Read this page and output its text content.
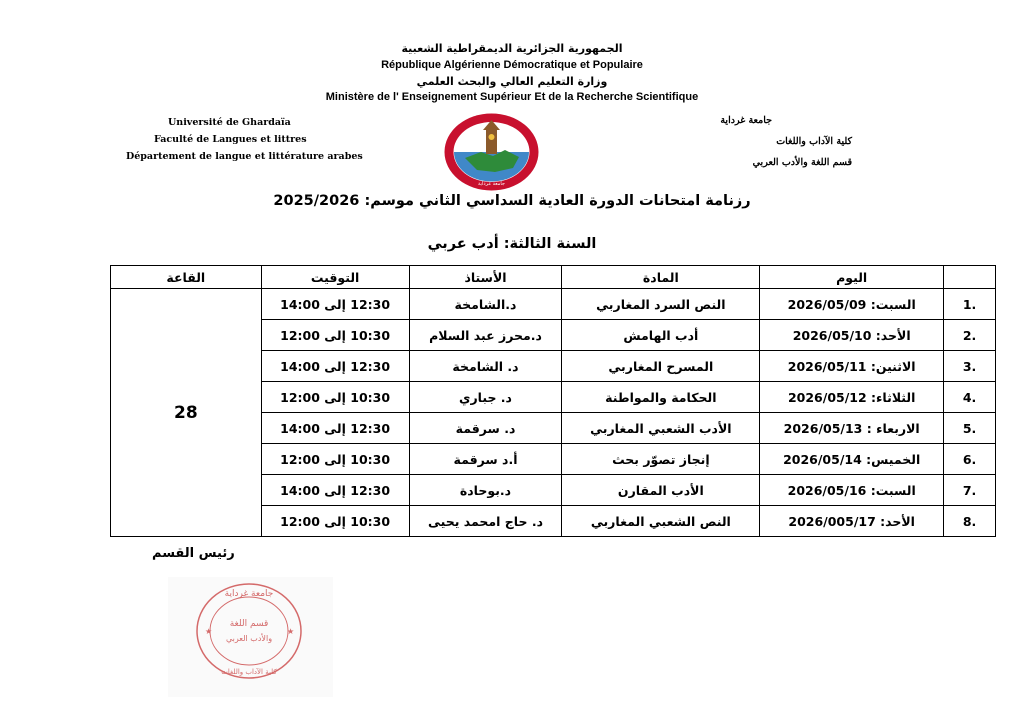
الجمهورية الجزائرية الديمقراطية الشعبية
République Algérienne Démocratique et Populaire
وزارة التعليم العالي والبحث العلمي
Ministère de l' Enseignement Supérieur Et de la Recherche Scientifique
Université de Ghardaïa
Faculté de Langues et littres
Département de langue et littérature arabes
جامعة غرداية
كلية الآداب واللغات
قسم اللغة والأدب العربي
جامعة غرداية
رزنامة امتحانات الدورة العادية السداسي الثاني موسم: 2025/2026
السنة الثالثة: أدب عربي
	اليوم	المادة	الأستاذ	التوقيت	القاعة
.1	السبت: 2026/05/09	النص السرد المغاربي	د.الشامخة	12:30 إلى 14:00	28
.2	الأحد: 2026/05/10	أدب الهامش	د.محرز عبد السلام	10:30 إلى 12:00	
.3	الاثنين: 2026/05/11	المسرح المغاربي	د. الشامخة	12:30 إلى 14:00	
.4	الثلاثاء: 2026/05/12	الحكامة والمواطنة	د. جباري	10:30 إلى 12:00	
.5	الاربعاء : 2026/05/13	الأدب الشعبي المغاربي	د. سرقمة	12:30 إلى 14:00	
.6	الخميس: 2026/05/14	إنجاز تصوّر بحث	أ.د سرقمة	10:30 إلى 12:00	
.7	السبت: 2026/05/16	الأدب المقارن	د.بوحادة	12:30 إلى 14:00	
.8	الأحد: 2026/005/17	النص الشعبي المغاربي	د. حاج امحمد يحيى	10:30 إلى 12:00	
رئيس القسم
جامعة غرداية
قسم اللغة
والأدب العربي
كلية الآداب واللغات
★	★
